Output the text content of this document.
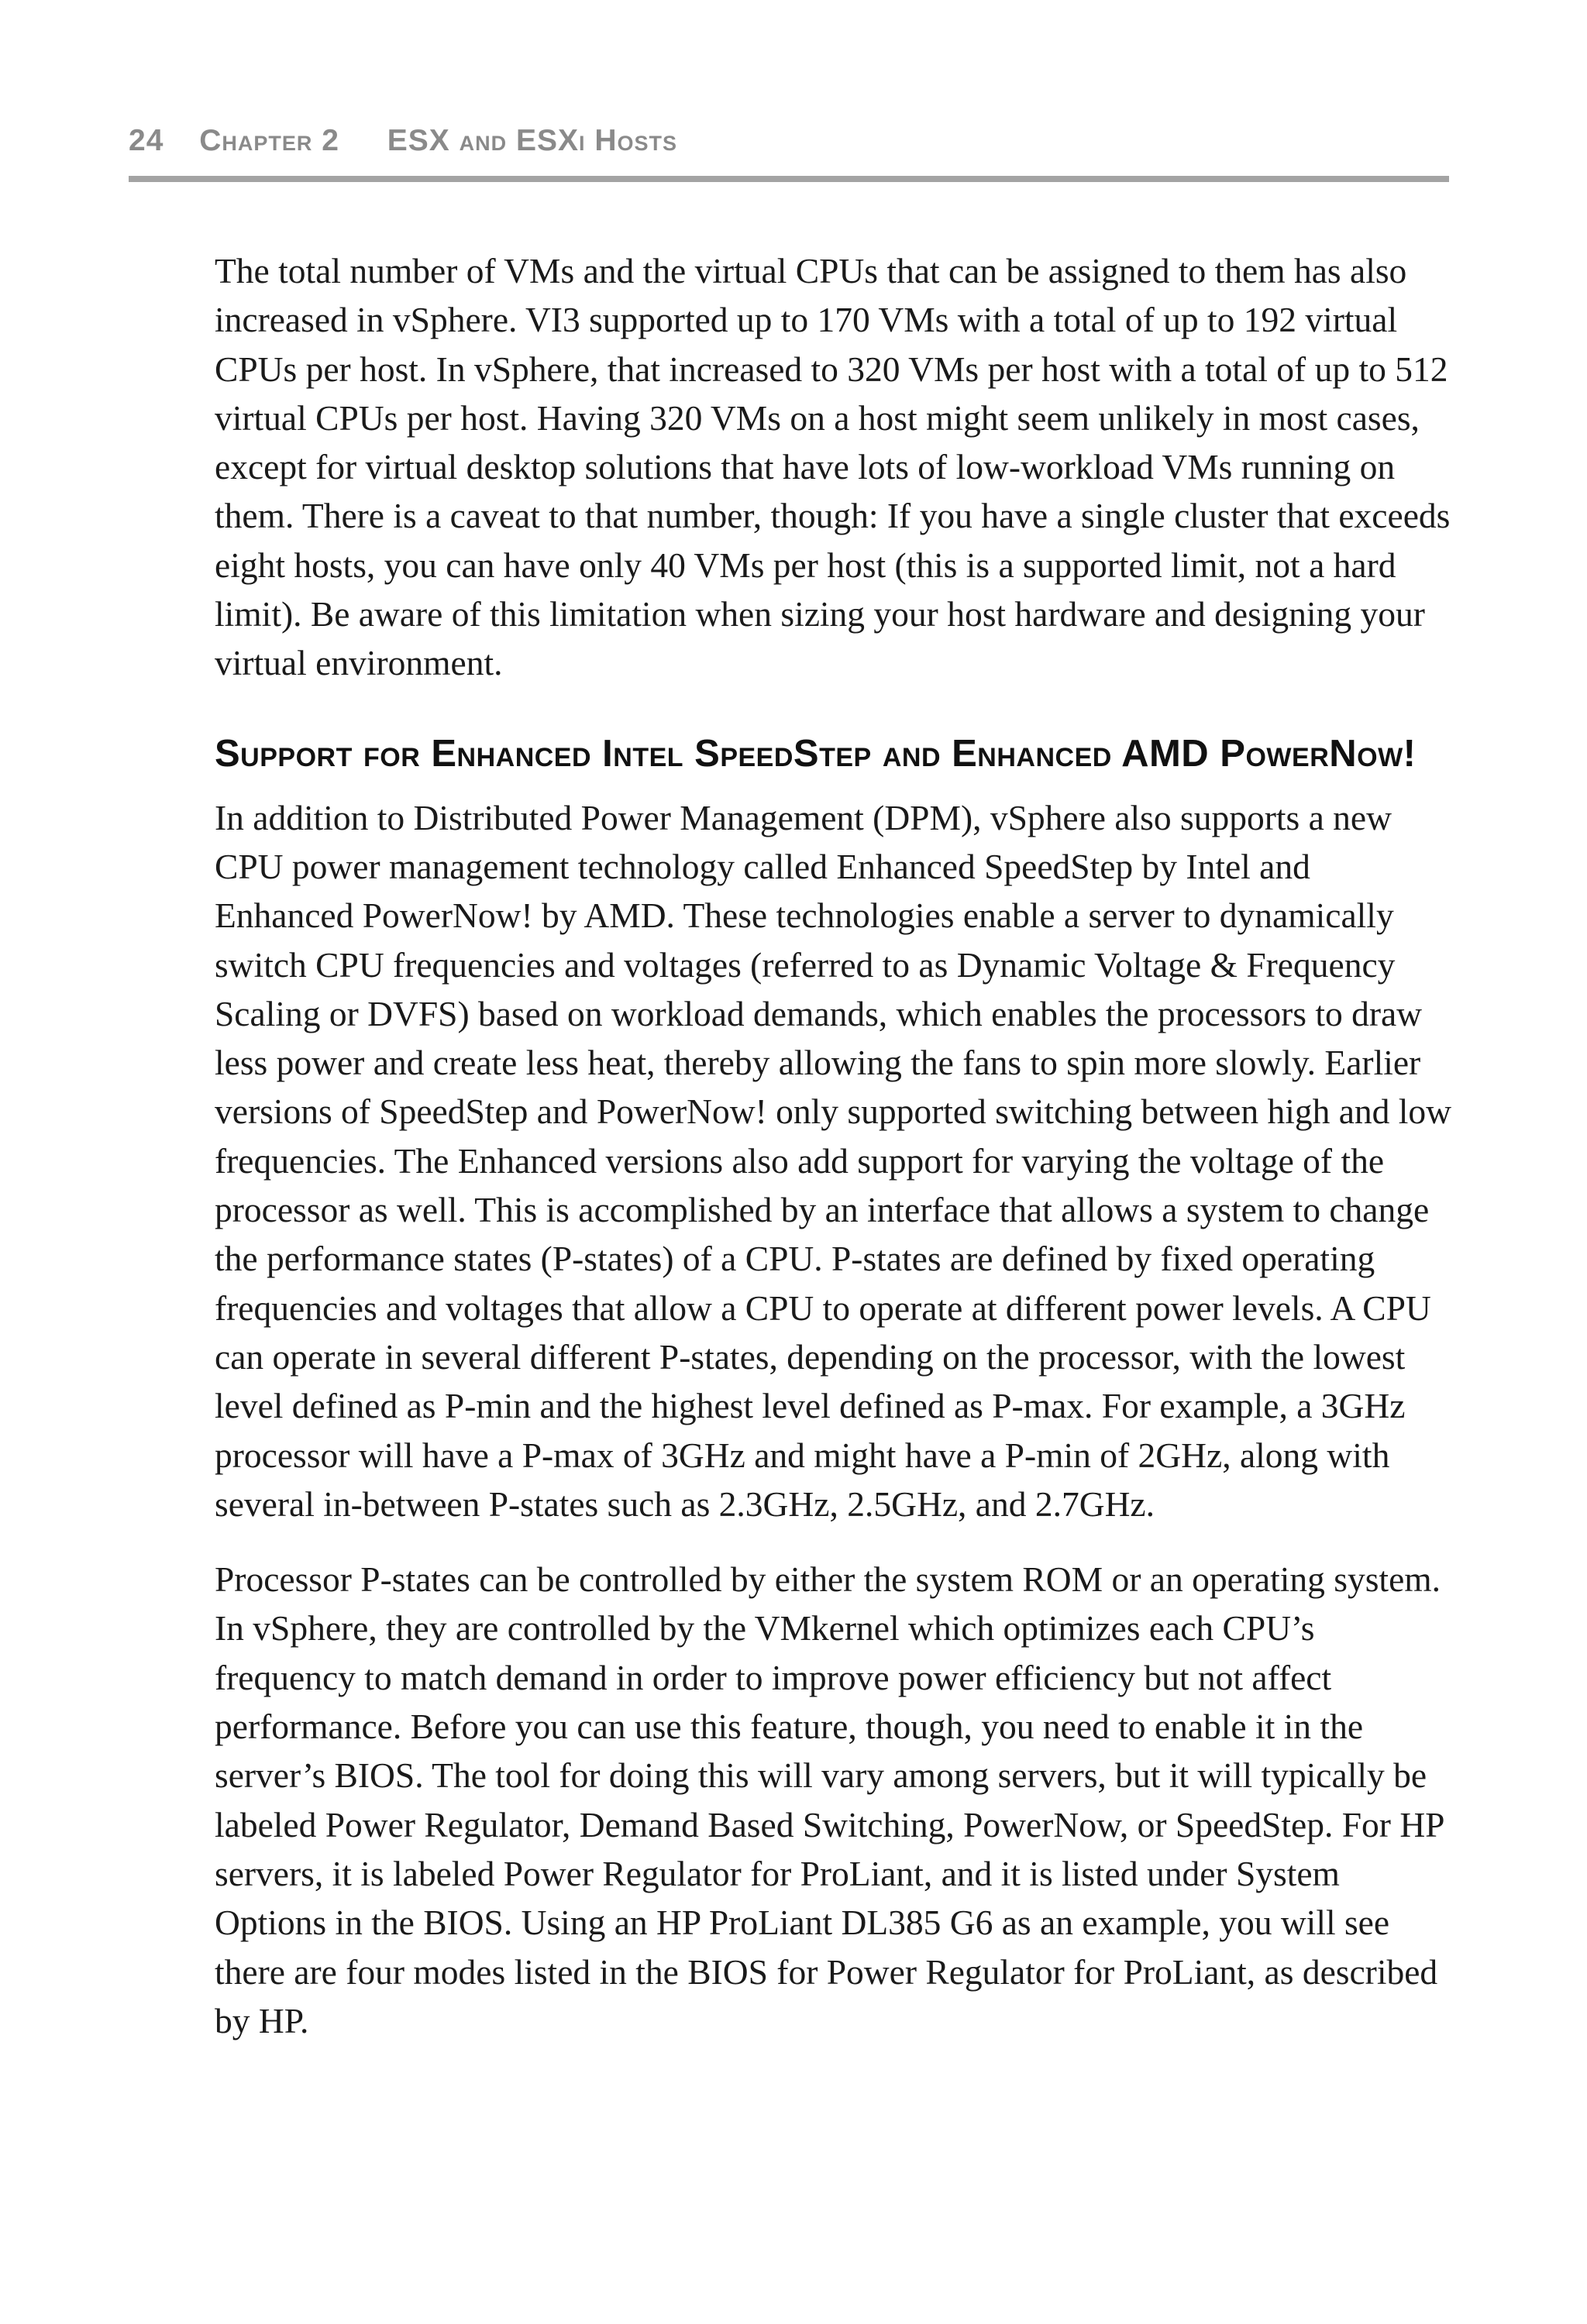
24 Chapter 2 ESX and ESXi Hosts

The total number of VMs and the virtual CPUs that can be assigned to them has also increased in vSphere. VI3 supported up to 170 VMs with a total of up to 192 virtual CPUs per host. In vSphere, that increased to 320 VMs per host with a total of up to 512 virtual CPUs per host. Having 320 VMs on a host might seem unlikely in most cases, except for virtual desktop solutions that have lots of low-workload VMs running on them. There is a caveat to that number, though: If you have a single cluster that exceeds eight hosts, you can have only 40 VMs per host (this is a supported limit, not a hard limit). Be aware of this limitation when sizing your host hardware and designing your virtual environment.

Support for Enhanced Intel SpeedStep and Enhanced AMD PowerNow!

In addition to Distributed Power Management (DPM), vSphere also supports a new CPU power management technology called Enhanced SpeedStep by Intel and Enhanced PowerNow! by AMD. These technologies enable a server to dynamically switch CPU frequencies and voltages (referred to as Dynamic Voltage & Frequency Scaling or DVFS) based on workload demands, which enables the processors to draw less power and create less heat, thereby allowing the fans to spin more slowly. Earlier versions of SpeedStep and PowerNow! only supported switching between high and low frequencies. The Enhanced versions also add support for varying the voltage of the processor as well. This is accomplished by an interface that allows a system to change the performance states (P-states) of a CPU. P-states are defined by fixed operating frequencies and voltages that allow a CPU to operate at different power levels. A CPU can operate in several different P-states, depending on the processor, with the lowest level defined as P-min and the highest level defined as P-max. For example, a 3GHz processor will have a P-max of 3GHz and might have a P-min of 2GHz, along with several in-between P-states such as 2.3GHz, 2.5GHz, and 2.7GHz.

Processor P-states can be controlled by either the system ROM or an operating system. In vSphere, they are controlled by the VMkernel which optimizes each CPU’s frequency to match demand in order to improve power efficiency but not affect performance. Before you can use this feature, though, you need to enable it in the server’s BIOS. The tool for doing this will vary among servers, but it will typically be labeled Power Regulator, Demand Based Switching, PowerNow, or SpeedStep. For HP servers, it is labeled Power Regulator for ProLiant, and it is listed under System Options in the BIOS. Using an HP ProLiant DL385 G6 as an example, you will see there are four modes listed in the BIOS for Power Regulator for ProLiant, as described by HP.
